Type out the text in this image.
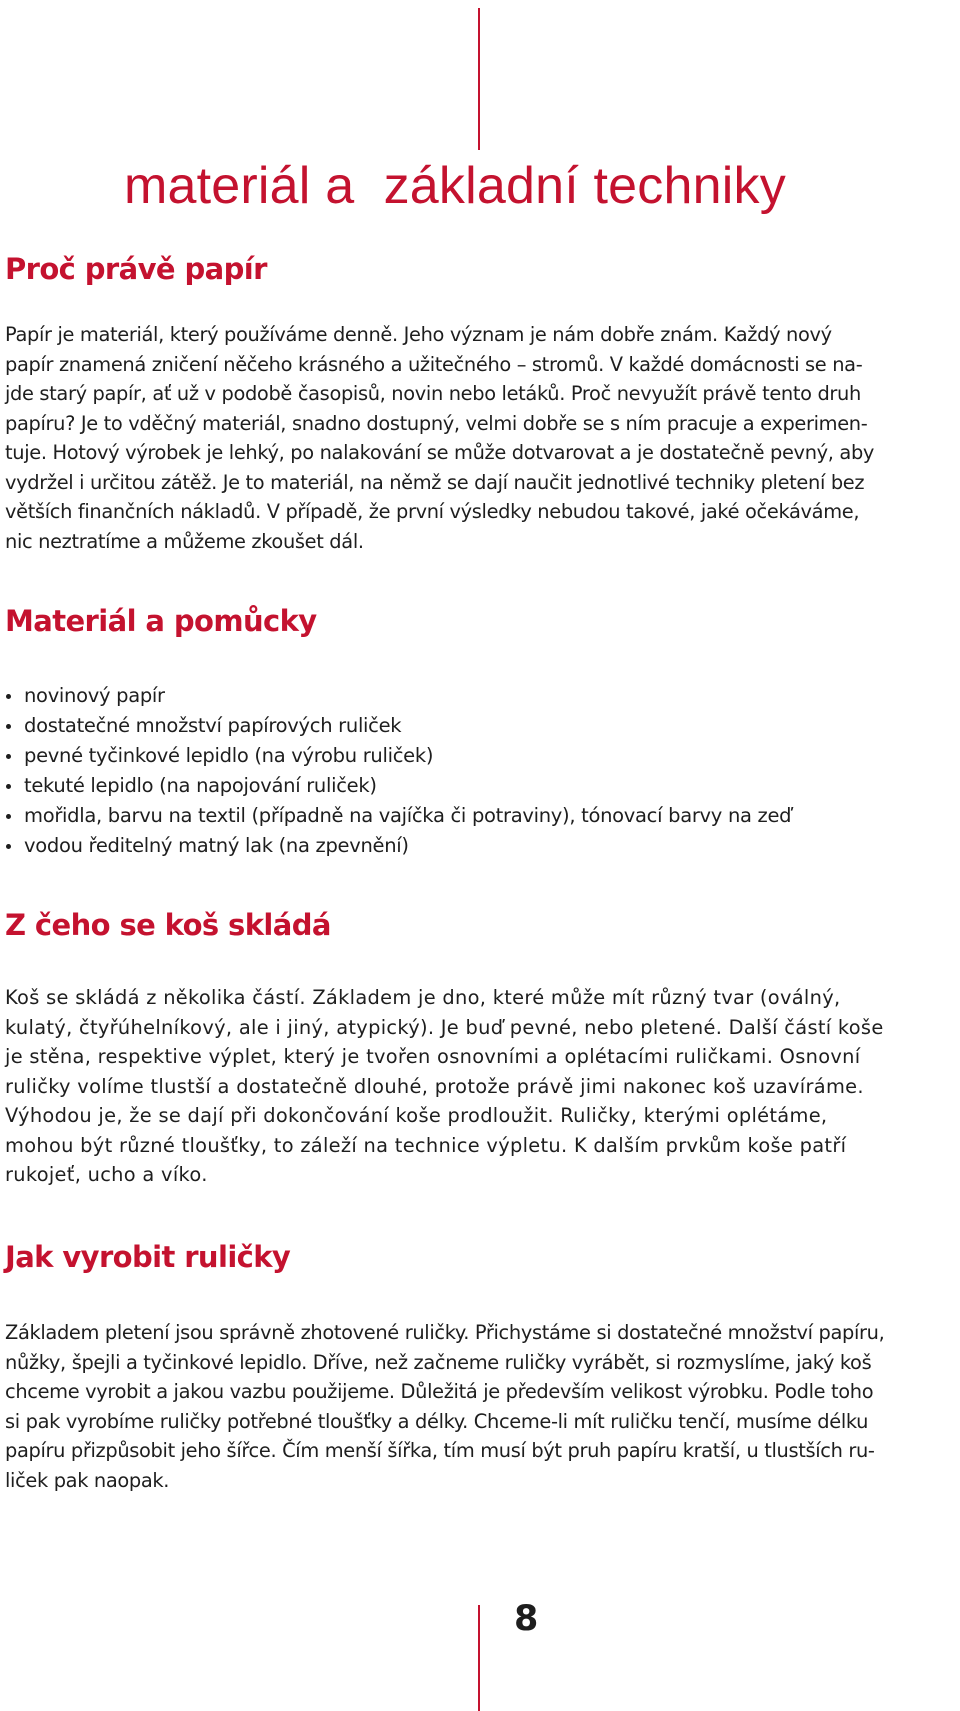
materiál a  základní techniky
Proč právě papír

Papír je materiál, který používáme denně. Jeho význam je nám dobře znám. Každý nový
papír znamená zničení něčeho krásného a užitečného – stromů. V každé domácnosti se na-
jde starý papír, ať už v podobě časopisů, novin nebo letáků. Proč nevyužít právě tento druh
papíru? Je to vděčný materiál, snadno dostupný, velmi dobře se s ním pracuje a experimen-
tuje. Hotový výrobek je lehký, po nalakování se může dotvarovat a je dostatečně pevný, aby
vydržel i určitou zátěž. Je to materiál, na němž se dají naučit jednotlivé techniky pletení bez
větších finančních nákladů. V případě, že první výsledky nebudou takové, jaké očekáváme,
nic neztratíme a můžeme zkoušet dál.

Materiál a pomůcky
novinový papír
dostatečné množství papírových ruliček
pevné tyčinkové lepidlo (na výrobu ruliček)
tekuté lepidlo (na napojování ruliček)
mořidla, barvu na textil (případně na vajíčka či potraviny), tónovací barvy na zeď
vodou ředitelný matný lak (na zpevnění)
Z čeho se koš skládá

Koš se skládá z několika částí. Základem je dno, které může mít různý tvar (oválný,
kulatý, čtyřúhelníkový, ale i jiný, atypický). Je buď pevné, nebo pletené. Další částí koše
je stěna, respektive výplet, který je tvořen osnovními a oplétacími ruličkami. Osnovní
ruličky volíme tlustší a dostatečně dlouhé, protože právě jimi nakonec koš uzavíráme.
Výhodou je, že se dají při dokončování koše prodloužit. Ruličky, kterými oplétáme,
mohou být různé tloušťky, to záleží na technice výpletu. K dalším prvkům koše patří
rukojeť, ucho a víko.

Jak vyrobit ruličky

Základem pletení jsou správně zhotovené ruličky. Přichystáme si dostatečné množství papíru,
nůžky, špejli a tyčinkové lepidlo. Dříve, než začneme ruličky vyrábět, si rozmyslíme, jaký koš
chceme vyrobit a jakou vazbu použijeme. Důležitá je především velikost výrobku. Podle toho
si pak vyrobíme ruličky potřebné tloušťky a délky. Chceme-li mít ruličku tenčí, musíme délku
papíru přizpůsobit jeho šířce. Čím menší šířka, tím musí být pruh papíru kratší, u tlustších ru-
liček pak naopak.

8
